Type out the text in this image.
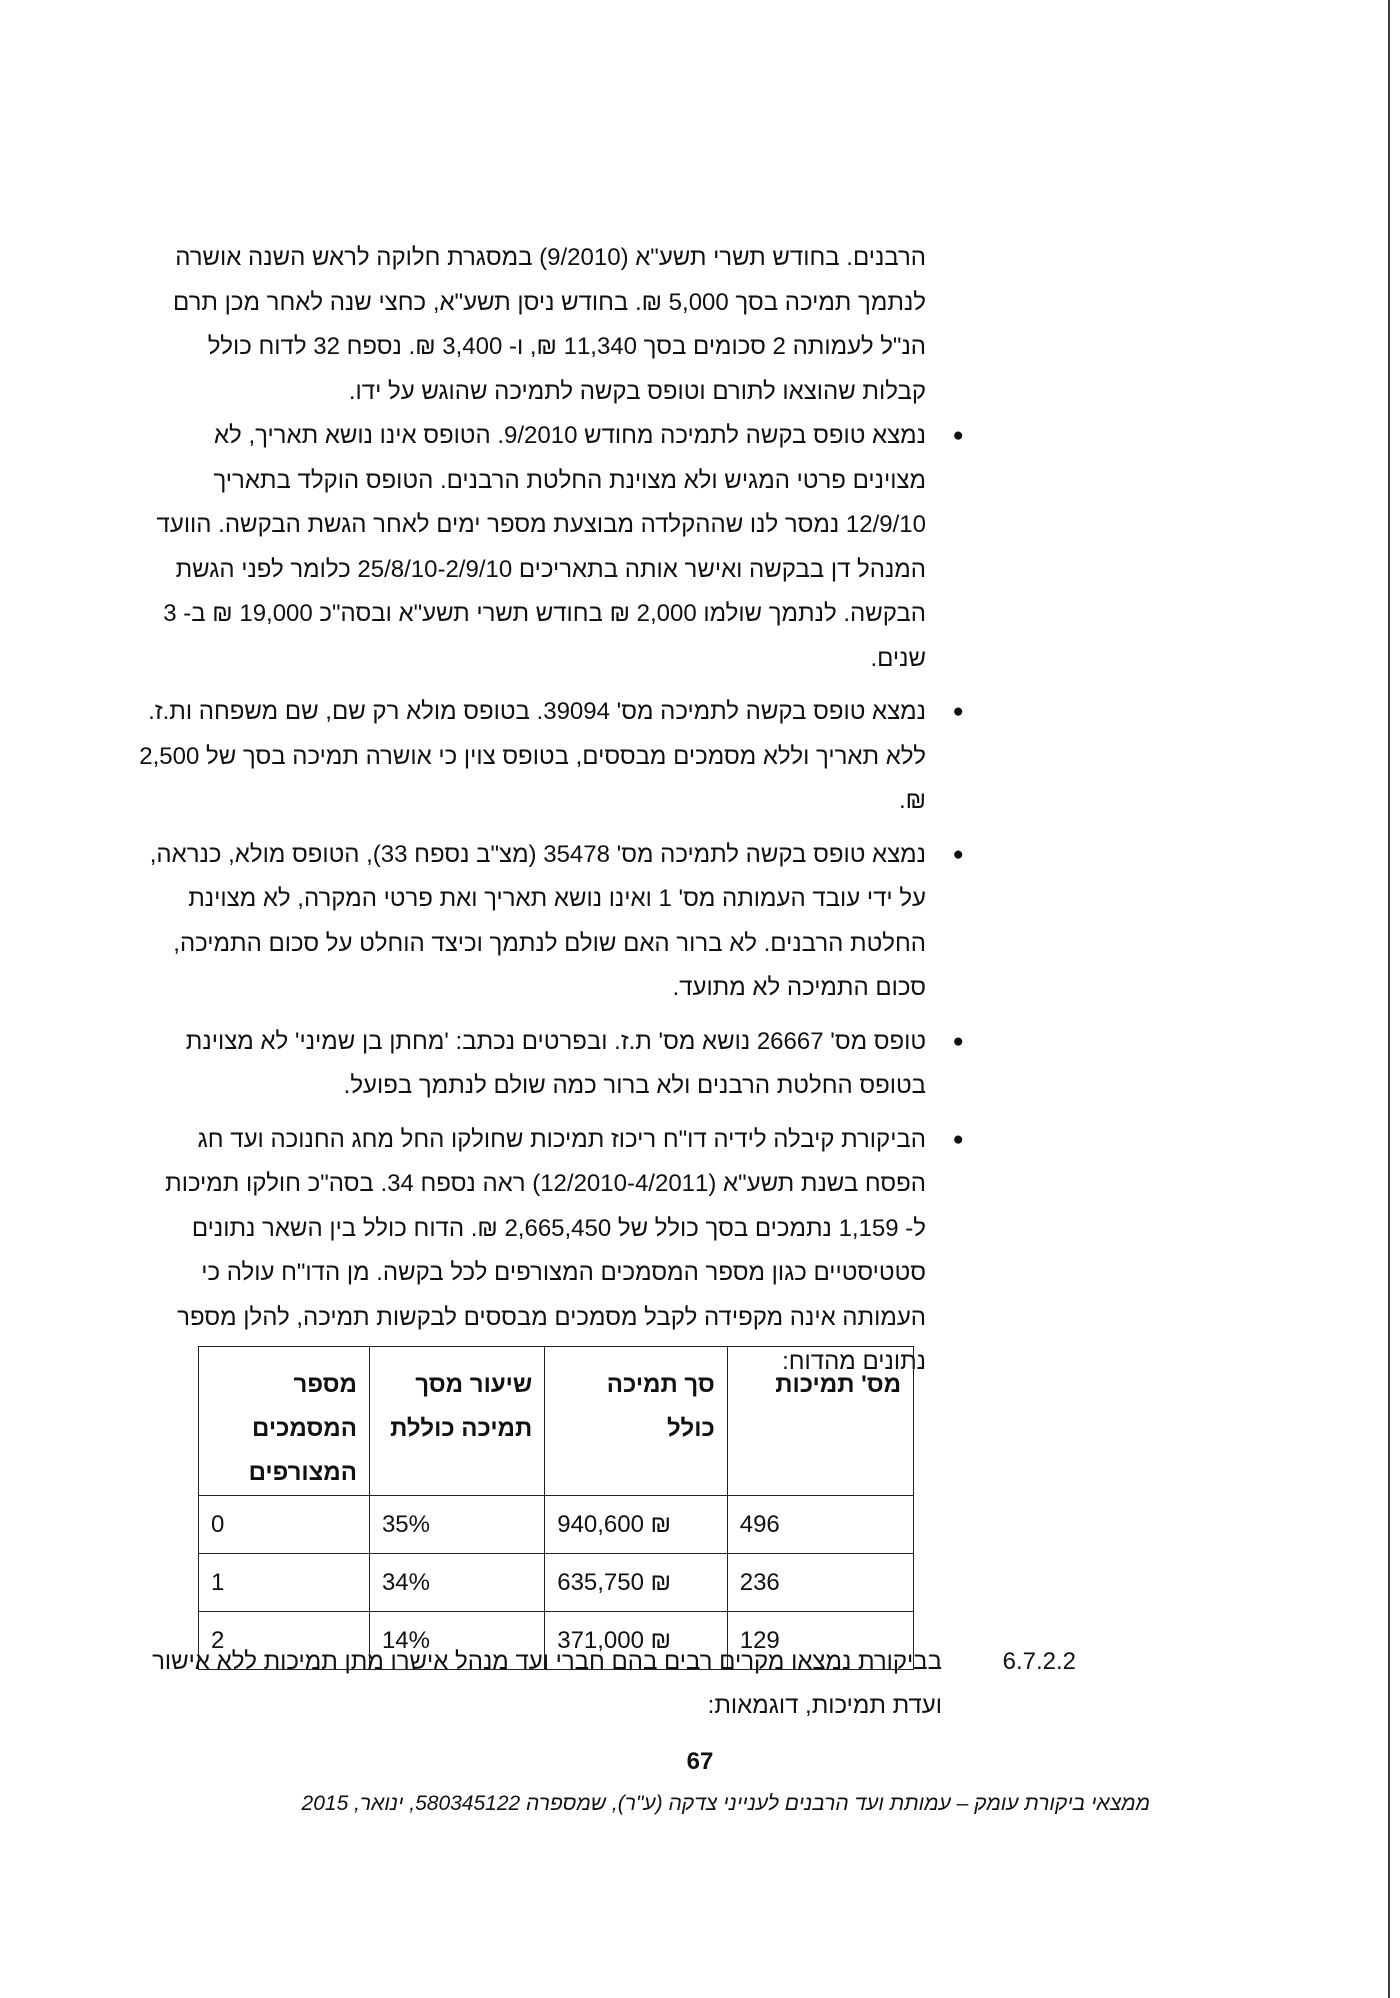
הרבנים. בחודש תשרי תשע"א (9/2010) במסגרת חלוקה לראש השנה אושרה
לנתמך תמיכה בסך 5,000 ₪. בחודש ניסן תשע"א, כחצי שנה לאחר מכן תרם
הנ"ל לעמותה 2 סכומים בסך 11,340 ₪, ו- 3,400 ₪. נספח 32 לדוח כולל
קבלות שהוצאו לתורם וטופס בקשה לתמיכה שהוגש על ידו.
●
נמצא טופס בקשה לתמיכה מחודש 9/2010. הטופס אינו נושא תאריך, לא
מצוינים פרטי המגיש ולא מצוינת החלטת הרבנים. הטופס הוקלד בתאריך
12/9/10 נמסר לנו שההקלדה מבוצעת מספר ימים לאחר הגשת הבקשה. הוועד
המנהל דן בבקשה ואישר אותה בתאריכים 25/8/10-2/9/10 כלומר לפני הגשת
הבקשה. לנתמך שולמו 2,000 ₪ בחודש תשרי תשע"א ובסה"כ 19,000 ₪ ב- 3
שנים.
●
נמצא טופס בקשה לתמיכה מס' 39094. בטופס מולא רק שם, שם משפחה ות.ז.
ללא תאריך וללא מסמכים מבססים, בטופס צוין כי אושרה תמיכה בסך של 2,500
₪.
●
נמצא טופס בקשה לתמיכה מס' 35478 (מצ"ב נספח 33), הטופס מולא, כנראה,
על ידי עובד העמותה מס' 1 ואינו נושא תאריך ואת פרטי המקרה, לא מצוינת
החלטת הרבנים. לא ברור האם שולם לנתמך וכיצד הוחלט על סכום התמיכה,
סכום התמיכה לא מתועד.
●
טופס מס' 26667 נושא מס' ת.ז. ובפרטים נכתב: 'מחתן בן שמיני' לא מצוינת
בטופס החלטת הרבנים ולא ברור כמה שולם לנתמך בפועל.
●
הביקורת קיבלה לידיה דו"ח ריכוז תמיכות שחולקו החל מחג החנוכה ועד חג
הפסח בשנת תשע"א (12/2010-4/2011) ראה נספח 34. בסה"כ חולקו תמיכות
ל- 1,159 נתמכים בסך כולל של 2,665,450 ₪. הדוח כולל בין השאר נתונים
סטטיסטיים כגון מספר המסמכים המצורפים לכל בקשה. מן הדו"ח עולה כי
העמותה אינה מקפידה לקבל מסמכים מבססים לבקשות תמיכה, להלן מספר
נתונים מהדוח:
מס' תמיכות	סך תמיכה כולל	שיעור מסך תמיכה כוללת	מספר המסמכים המצורפים
496	₪ 940,600	35%	0
236	₪ 635,750	34%	1
129	₪ 371,000	14%	2
6.7.2.2
בביקורת נמצאו מקרים רבים בהם חברי ועד מנהל אישרו מתן תמיכות ללא אישור
ועדת תמיכות, דוגמאות:
67
ממצאי ביקורת עומק – עמותת ועד הרבנים לענייני צדקה (ע"ר), שמספרה 580345122, ינואר, 2015
